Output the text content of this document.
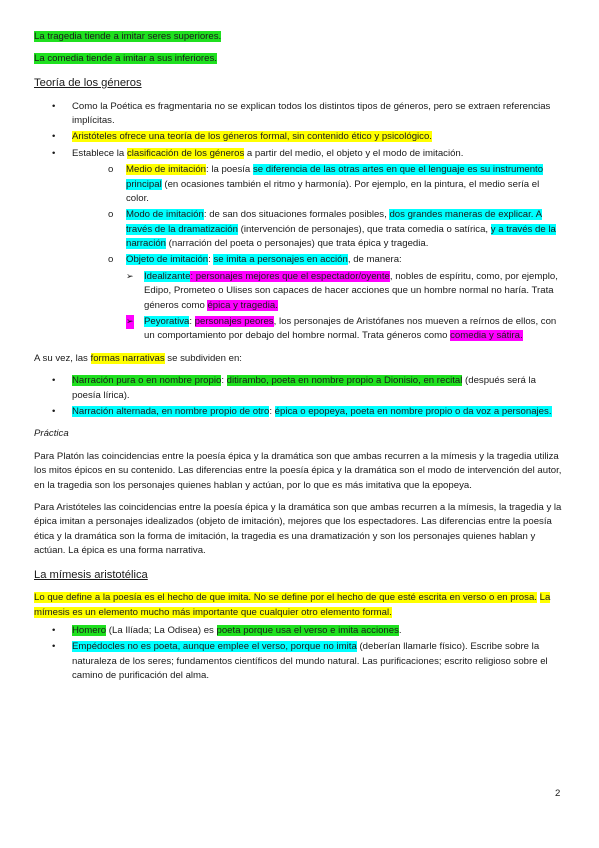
La tragedia tiende a imitar seres superiores.

La comedia tiende a imitar a sus inferiores.

Teoría de los géneros
• Como la Poética es fragmentaria no se explican todos los distintos tipos de géneros, pero se extraen referencias implícitas.
• Aristóteles ofrece una teoría de los géneros formal, sin contenido ético y psicológico.
• Establece la clasificación de los géneros a partir del medio, el objeto y el modo de imitación.
o Medio de imitación: la poesía se diferencia de las otras artes en que el lenguaje es su instrumento principal (en ocasiones también el ritmo y harmonía). Por ejemplo, en la pintura, el medio sería el color.
o Modo de imitación: de san dos situaciones formales posibles, dos grandes maneras de explicar. A través de la dramatización (intervención de personajes), que trata comedia o satírica, y a través de la narración (narración del poeta o personajes) que trata épica y tragedia.
o Objeto de imitación: se imita a personajes en acción, de manera:
➢ Idealizante: personajes mejores que el espectador/oyente, nobles de espíritu, como, por ejemplo, Edipo, Prometeo o Ulises son capaces de hacer acciones que un hombre normal no haría. Trata géneros como épica y tragedia.
➢ Peyorativa: personajes peores, los personajes de Aristófanes nos mueven a reírnos de ellos, con un comportamiento por debajo del hombre normal. Trata géneros como comedia y sátira.

A su vez, las formas narrativas se subdividen en:

• Narración pura o en nombre propio: ditirambo, poeta en nombre propio a Dionisio, en recital (después será la poesía lírica).
• Narración alternada, en nombre propio de otro: épica o epopeya, poeta en nombre propio o da voz a personajes.

Práctica

Para Platón las coincidencias entre la poesía épica y la dramática son que ambas recurren a la mímesis y la tragedia utiliza los mitos épicos en su contenido. Las diferencias entre la poesía épica y la dramática son el modo de intervención del autor, en la tragedia son los personajes quienes hablan y actúan, por lo que es más imitativa que la epopeya.

Para Aristóteles las coincidencias entre la poesía épica y la dramática son que ambas recurren a la mímesis, la tragedia y la épica imitan a personajes idealizados (objeto de imitación), mejores que los espectadores. Las diferencias entre la poesía ética y la dramática son la forma de imitación, la tragedia es una dramatización y son los personajes quienes hablan y actúan. La épica es una forma narrativa.

La mímesis aristotélica

Lo que define a la poesía es el hecho de que imita. No se define por el hecho de que esté escrita en verso o en prosa. La mímesis es un elemento mucho más importante que cualquier otro elemento formal.

• Homero (La Ilíada; La Odisea) es poeta porque usa el verso e imita acciones.
• Empédocles no es poeta, aunque emplee el verso, porque no imita (deberían llamarle físico). Escribe sobre la naturaleza de los seres; fundamentos científicos del mundo natural. Las purificaciones; escrito religioso sobre el camino de purificación del alma.
2
